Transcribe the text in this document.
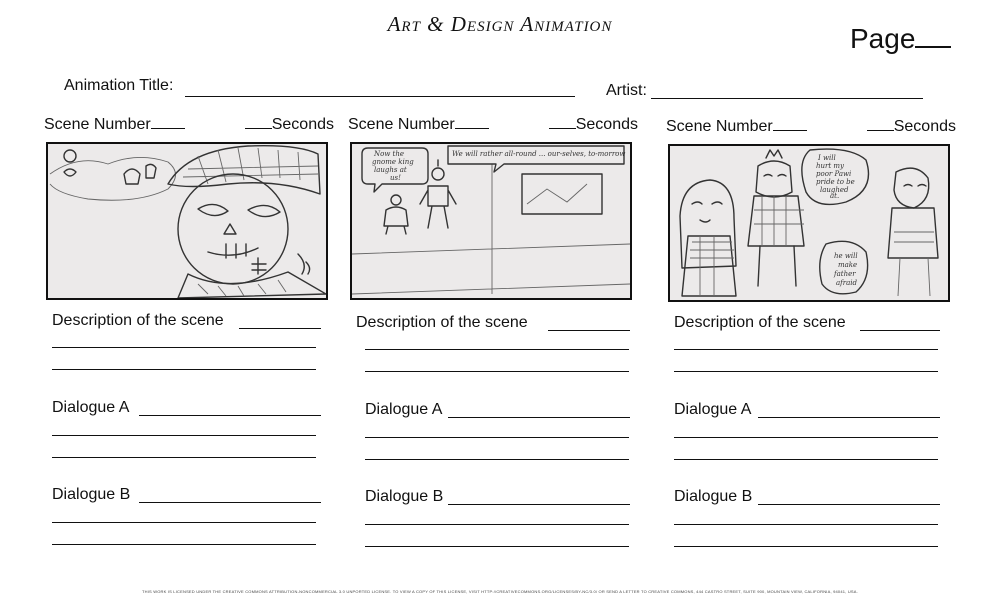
Art & Design Animation	Page
Animation Title:	Artist:
Scene Number	Seconds
Description of the scene
Dialogue A
Dialogue B
Scene Number	Seconds
Now the
gnome king
laughs at
us!
We will rather all-round ... our-selves, to-morrow
Description of the scene
Dialogue A
Dialogue B
Scene Number	Seconds
I will
hurt my
poor Pawi
pride to be
laughed
at.
he will
make
father
afraid
Description of the scene
Dialogue A
Dialogue B
THIS WORK IS LICENSED UNDER THE CREATIVE COMMONS ATTRIBUTION-NONCOMMERCIAL 3.0 UNPORTED LICENSE. TO VIEW A COPY OF THIS LICENSE, VISIT HTTP://CREATIVECOMMONS.ORG/LICENSES/BY-NC/3.0/ OR SEND A LETTER TO CREATIVE COMMONS, 444 CASTRO STREET, SUITE 900, MOUNTAIN VIEW, CALIFORNIA, 94041, USA.
